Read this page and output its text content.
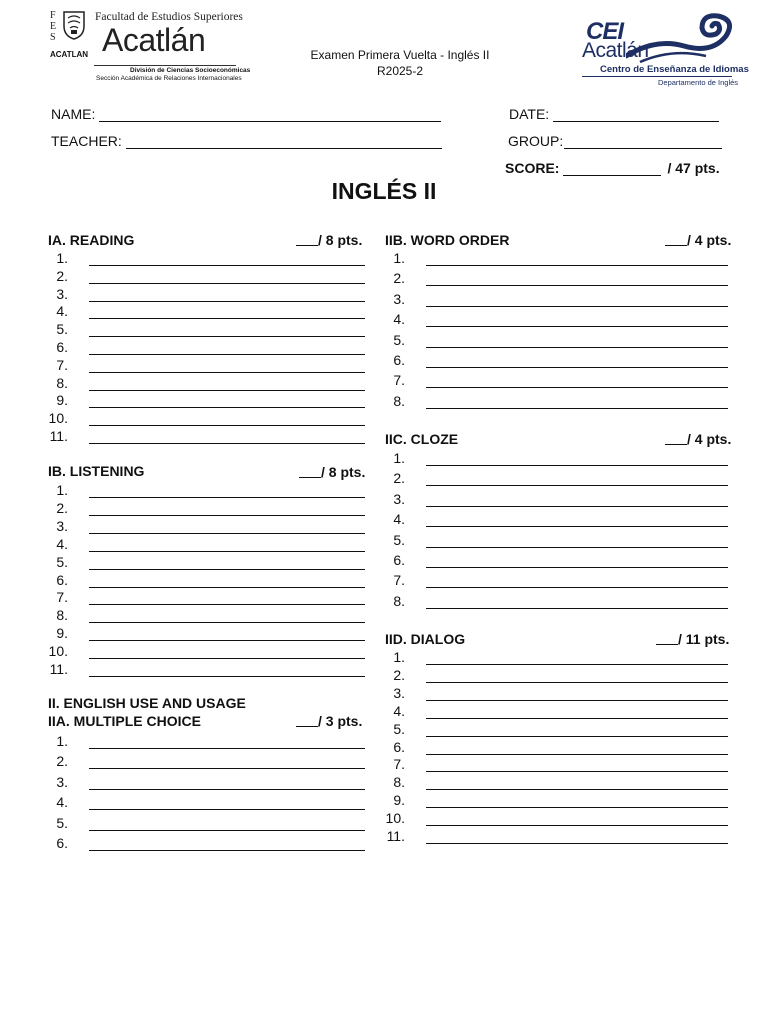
F
E
S
ACATLAN
Facultad de Estudios Superiores
Acatlán
División de Ciencias Socioeconómicas
Sección Académica de Relaciones Internacionales
Examen Primera Vuelta - Inglés II
R2025-2
CEI
Acatlán
Centro de Enseñanza de Idiomas
Departamento de Inglés
NAME:	DATE:
TEACHER:	GROUP:
SCORE:	/ 47 pts.
INGLÉS II
IA. READING	/ 8 pts.
1.
2.
3.
4.
5.
6.
7.
8.
9.
10.
11.
IB. LISTENING	/ 8 pts.
1.
2.
3.
4.
5.
6.
7.
8.
9.
10.
11.
II. ENGLISH USE AND USAGE
IIA. MULTIPLE CHOICE	/ 3 pts.
1.
2.
3.
4.
5.
6.
IIB. WORD ORDER	/ 4 pts.
1.
2.
3.
4.
5.
6.
7.
8.
IIC. CLOZE	/ 4 pts.
1.
2.
3.
4.
5.
6.
7.
8.
IID. DIALOG	/ 11 pts.
1.
2.
3.
4.
5.
6.
7.
8.
9.
10.
11.
